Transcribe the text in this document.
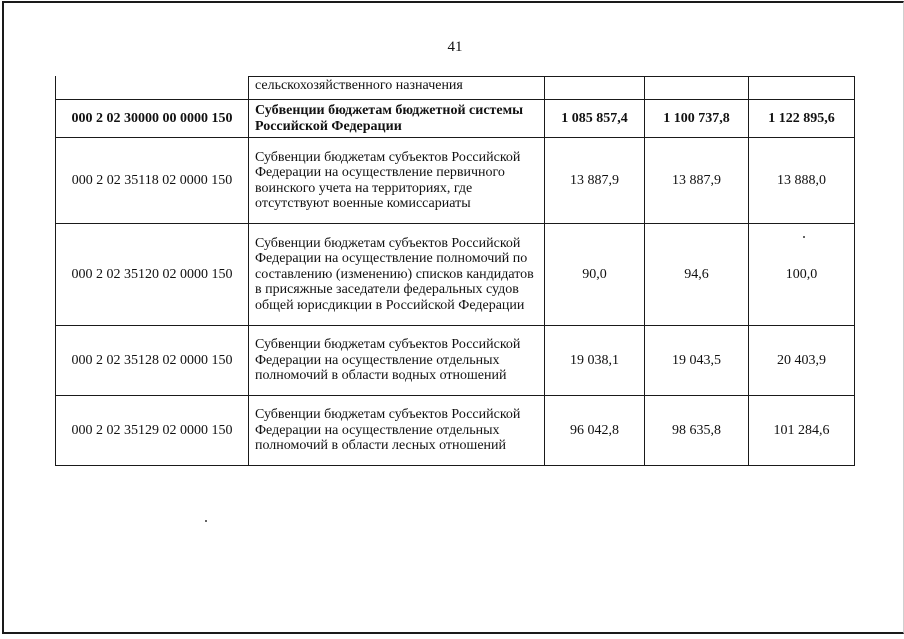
41
	сельскохозяйственного назначения			
000 2 02 30000 00 0000 150	Субвенции бюджетам бюджетной системы Российской Федерации	1 085 857,4	1 100 737,8	1 122 895,6
000 2 02 35118 02 0000 150	Субвенции бюджетам субъектов Российской Федерации на осуществление первичного воинского учета на территориях, где отсутствуют военные комиссариаты	13 887,9	13 887,9	13 888,0
000 2 02 35120 02 0000 150	Субвенции бюджетам субъектов Российской Федерации на осуществление полномочий по составлению (изменению) списков кандидатов в присяжные заседатели федеральных судов общей юрисдикции в Российской Федерации	90,0	94,6	100,0
000 2 02 35128 02 0000 150	Субвенции бюджетам субъектов Российской Федерации на осуществление отдельных полномочий в области водных отношений	19 038,1	19 043,5	20 403,9
000 2 02 35129 02 0000 150	Субвенции бюджетам субъектов Российской Федерации на осуществление отдельных полномочий в области лесных отношений	96 042,8	98 635,8	101 284,6
